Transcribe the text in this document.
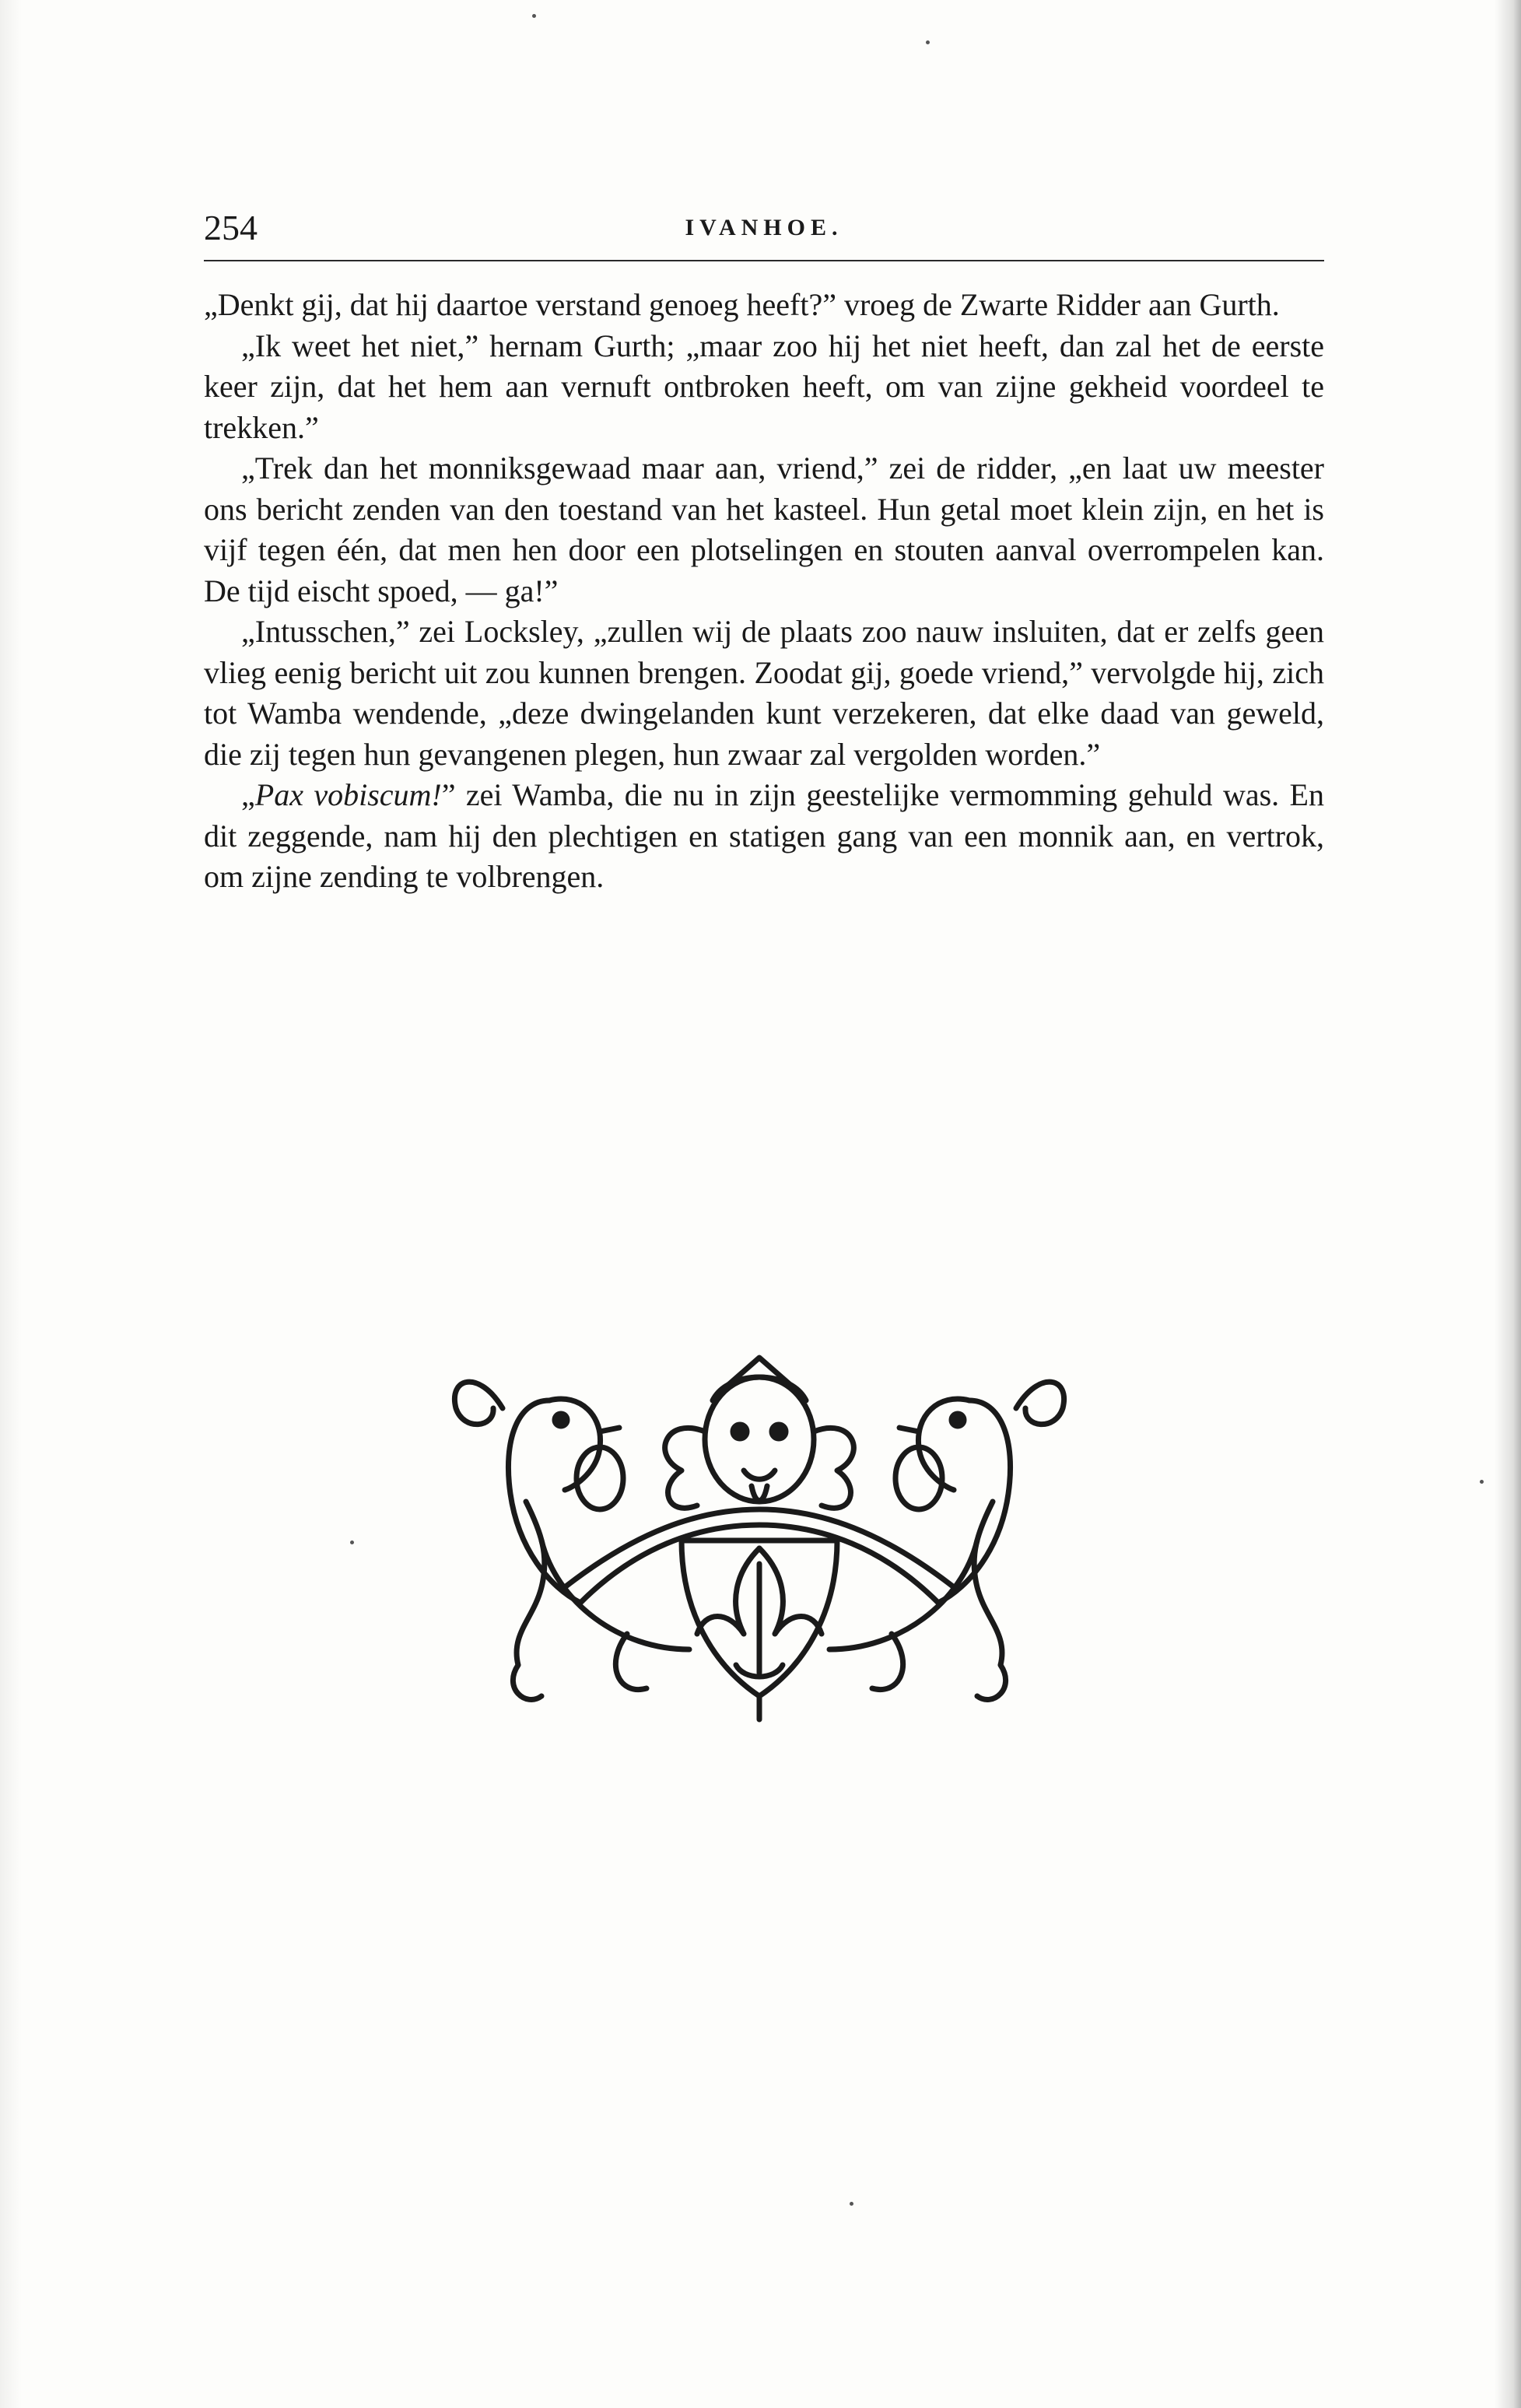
254	IVANHOE.

„Denkt gij, dat hij daartoe verstand genoeg heeft?” vroeg de Zwarte Ridder aan Gurth.

„Ik weet het niet,” hernam Gurth; „maar zoo hij het niet heeft, dan zal het de eerste keer zijn, dat het hem aan vernuft ontbroken heeft, om van zijne gekheid voordeel te trekken.”

„Trek dan het monniksgewaad maar aan, vriend,” zei de ridder, „en laat uw meester ons bericht zenden van den toestand van het kasteel. Hun getal moet klein zijn, en het is vijf tegen één, dat men hen door een plotselingen en stouten aanval overrompelen kan. De tijd eischt spoed, — ga!”

„Intusschen,” zei Locksley, „zullen wij de plaats zoo nauw insluiten, dat er zelfs geen vlieg eenig bericht uit zou kunnen brengen. Zoodat gij, goede vriend,” vervolgde hij, zich tot Wamba wendende, „deze dwingelanden kunt verzekeren, dat elke daad van geweld, die zij tegen hun gevangenen plegen, hun zwaar zal vergolden worden.”

„Pax vobiscum!” zei Wamba, die nu in zijn geestelijke vermomming gehuld was. En dit zeggende, nam hij den plechtigen en statigen gang van een monnik aan, en vertrok, om zijne zending te volbrengen.
